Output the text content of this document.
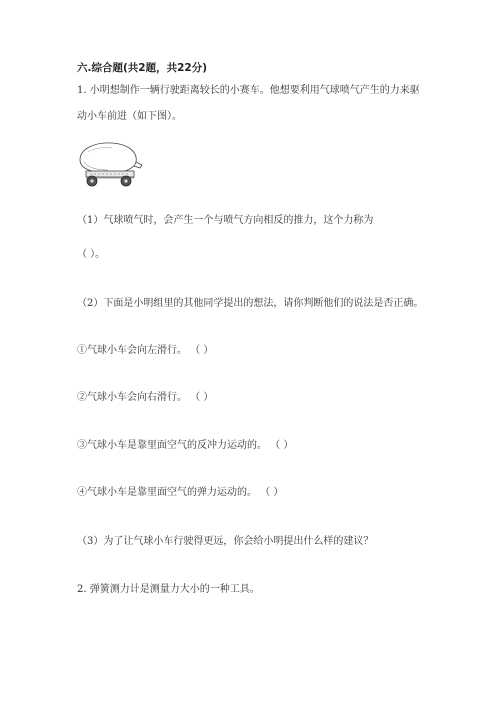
六.综合题(共2题，共22分)
1. 小明想制作一辆行驶距离较长的小赛车。他想要利用气球喷气产生的力来驱
动小车前进（如下图）。
（1）气球喷气时，会产生一个与喷气方向相反的推力，这个力称为
（ ）。
（2）下面是小明组里的其他同学提出的想法，请你判断他们的说法是否正确。
①气球小车会向左滑行。 （ ）
②气球小车会向右滑行。 （ ）
③气球小车是靠里面空气的反冲力运动的。 （ ）
④气球小车是靠里面空气的弹力运动的。 （ ）
（3）为了让气球小车行驶得更远，你会给小明提出什么样的建议？
2. 弹簧测力计是测量力大小的一种工具。
